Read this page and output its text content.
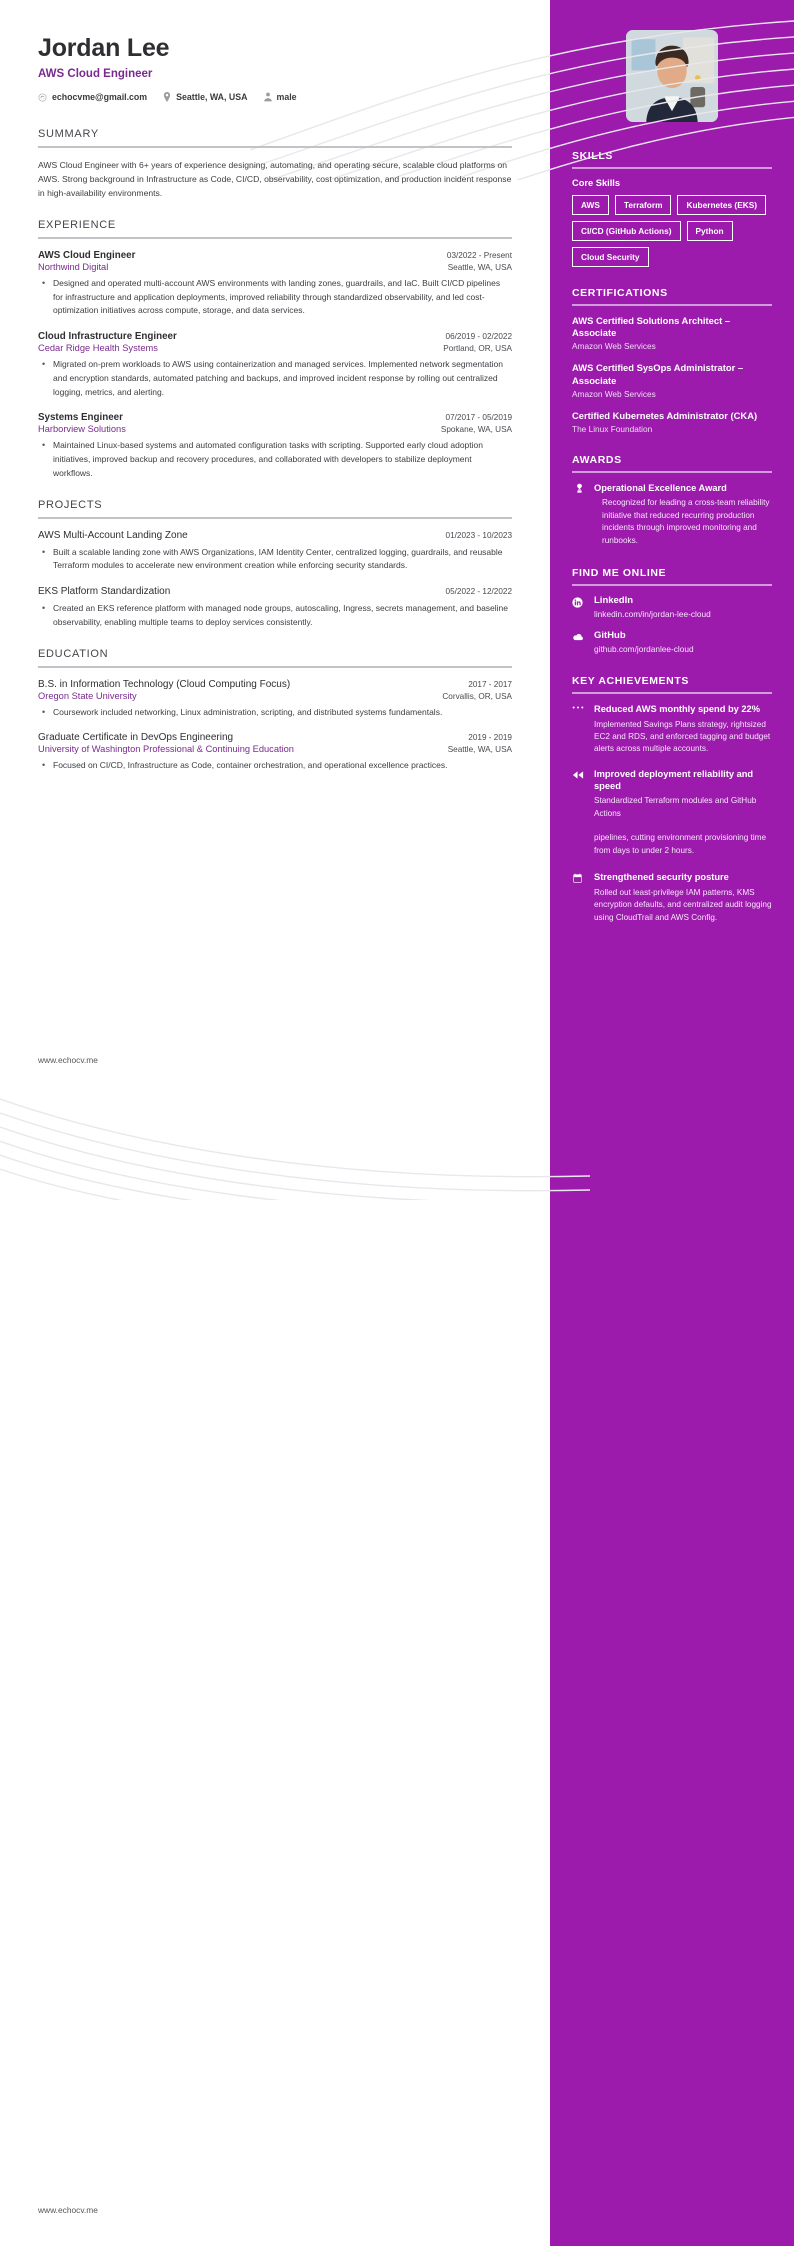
Jordan Lee
AWS Cloud Engineer
echocvme@gmail.com	Seattle, WA, USA	male
SUMMARY
AWS Cloud Engineer with 6+ years of experience designing, automating, and operating secure, scalable cloud platforms on AWS. Strong background in Infrastructure as Code, CI/CD, observability, cost optimization, and production incident response in high-availability environments.
EXPERIENCE
AWS Cloud Engineer	03/2022 - Present
Northwind Digital	Seattle, WA, USA
• Designed and operated multi-account AWS environments with landing zones, guardrails, and IaC. Built CI/CD pipelines for infrastructure and application deployments, improved reliability through standardized observability, and led cost-optimization initiatives across compute, storage, and data services.
Cloud Infrastructure Engineer	06/2019 - 02/2022
Cedar Ridge Health Systems	Portland, OR, USA
• Migrated on-prem workloads to AWS using containerization and managed services. Implemented network segmentation and encryption standards, automated patching and backups, and improved incident response by rolling out centralized logging, metrics, and alerting.
Systems Engineer	07/2017 - 05/2019
Harborview Solutions	Spokane, WA, USA
• Maintained Linux-based systems and automated configuration tasks with scripting. Supported early cloud adoption initiatives, improved backup and recovery procedures, and collaborated with developers to stabilize deployment workflows.
PROJECTS
AWS Multi-Account Landing Zone	01/2023 - 10/2023
• Built a scalable landing zone with AWS Organizations, IAM Identity Center, centralized logging, guardrails, and reusable Terraform modules to accelerate new environment creation while enforcing security standards.
EKS Platform Standardization	05/2022 - 12/2022
• Created an EKS reference platform with managed node groups, autoscaling, Ingress, secrets management, and baseline observability, enabling multiple teams to deploy services consistently.
EDUCATION
B.S. in Information Technology (Cloud Computing Focus)	2017 - 2017
Oregon State University	Corvallis, OR, USA
• Coursework included networking, Linux administration, scripting, and distributed systems fundamentals.
Graduate Certificate in DevOps Engineering	2019 - 2019
University of Washington Professional & Continuing Education	Seattle, WA, USA
• Focused on CI/CD, Infrastructure as Code, container orchestration, and operational excellence practices.
www.echocv.me
www.echocv.me
SKILLS
Core Skills
AWS	Terraform	Kubernetes (EKS)
CI/CD (GitHub Actions)	Python
Cloud Security
CERTIFICATIONS
AWS Certified Solutions Architect – Associate
Amazon Web Services
AWS Certified SysOps Administrator – Associate
Amazon Web Services
Certified Kubernetes Administrator (CKA)
The Linux Foundation
AWARDS
Operational Excellence Award
Recognized for leading a cross-team reliability initiative that reduced recurring production incidents through improved monitoring and runbooks.
FIND ME ONLINE
LinkedIn
linkedin.com/in/jordan-lee-cloud
GitHub
github.com/jordanlee-cloud
KEY ACHIEVEMENTS
Reduced AWS monthly spend by 22%
Implemented Savings Plans strategy, rightsized EC2 and RDS, and enforced tagging and budget alerts across multiple accounts.
Improved deployment reliability and speed
Standardized Terraform modules and GitHub Actions
pipelines, cutting environment provisioning time from days to under 2 hours.
Strengthened security posture
Rolled out least-privilege IAM patterns, KMS encryption defaults, and centralized audit logging using CloudTrail and AWS Config.
